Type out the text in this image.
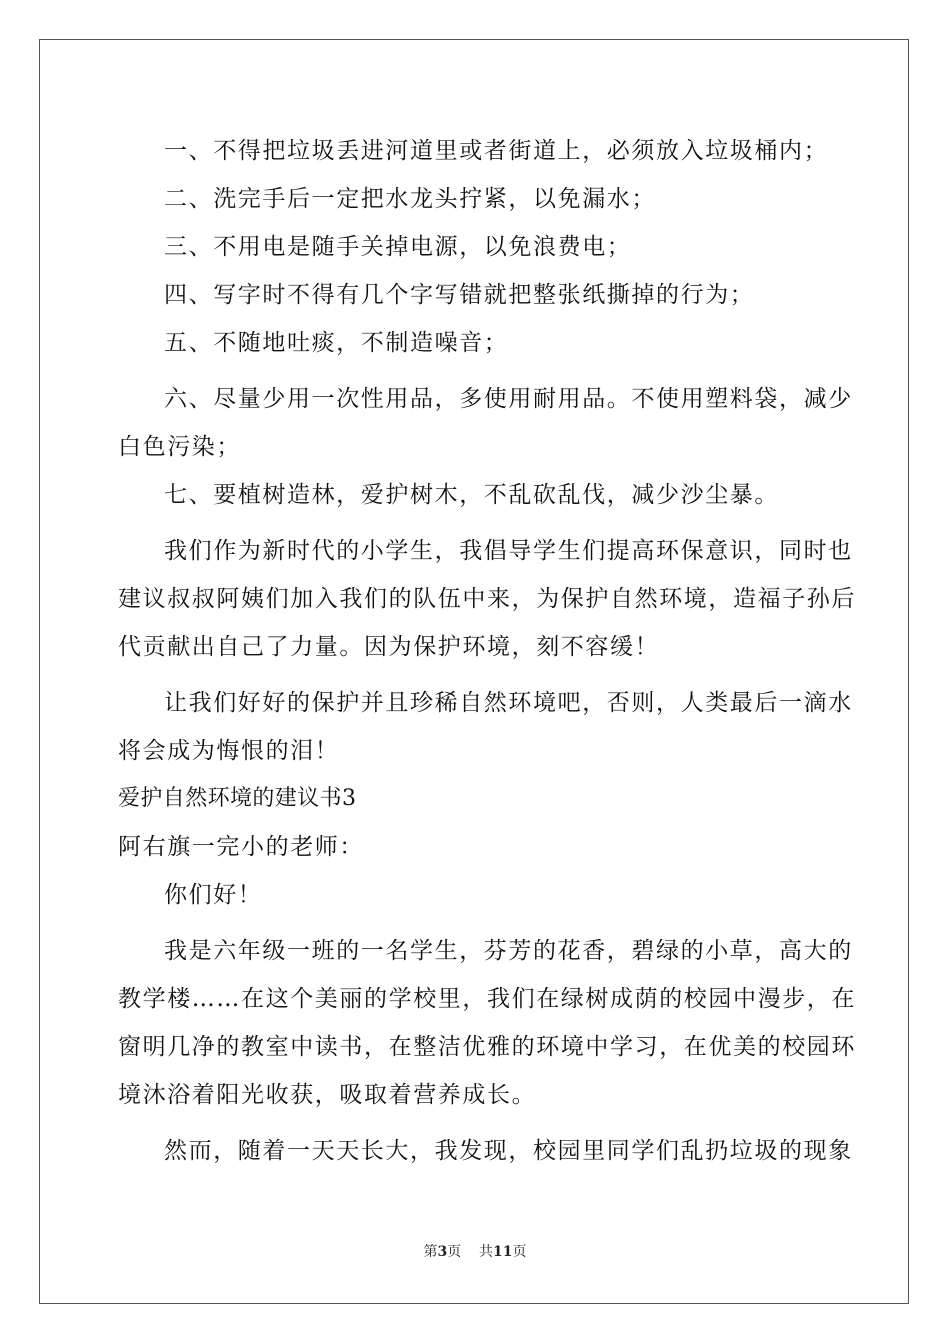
一、不得把垃圾丢进河道里或者街道上，必须放入垃圾桶内；
二、洗完手后一定把水龙头拧紧，以免漏水；
三、不用电是随手关掉电源，以免浪费电；
四、写字时不得有几个字写错就把整张纸撕掉的行为；
五、不随地吐痰，不制造噪音；
六、尽量少用一次性用品，多使用耐用品。不使用塑料袋，减少
白色污染；
七、要植树造林，爱护树木，不乱砍乱伐，减少沙尘暴。
我们作为新时代的小学生，我倡导学生们提高环保意识，同时也
建议叔叔阿姨们加入我们的队伍中来，为保护自然环境，造福子孙后
代贡献出自己了力量。因为保护环境，刻不容缓！
让我们好好的保护并且珍稀自然环境吧，否则，人类最后一滴水
将会成为悔恨的泪！
爱护自然环境的建议书3
阿右旗一完小的老师：
你们好！
我是六年级一班的一名学生，芬芳的花香，碧绿的小草，高大的
教学楼……在这个美丽的学校里，我们在绿树成荫的校园中漫步，在
窗明几净的教室中读书，在整洁优雅的环境中学习，在优美的校园环
境沐浴着阳光收获，吸取着营养成长。
然而，随着一天天长大，我发现，校园里同学们乱扔垃圾的现象
第3页 共11页
